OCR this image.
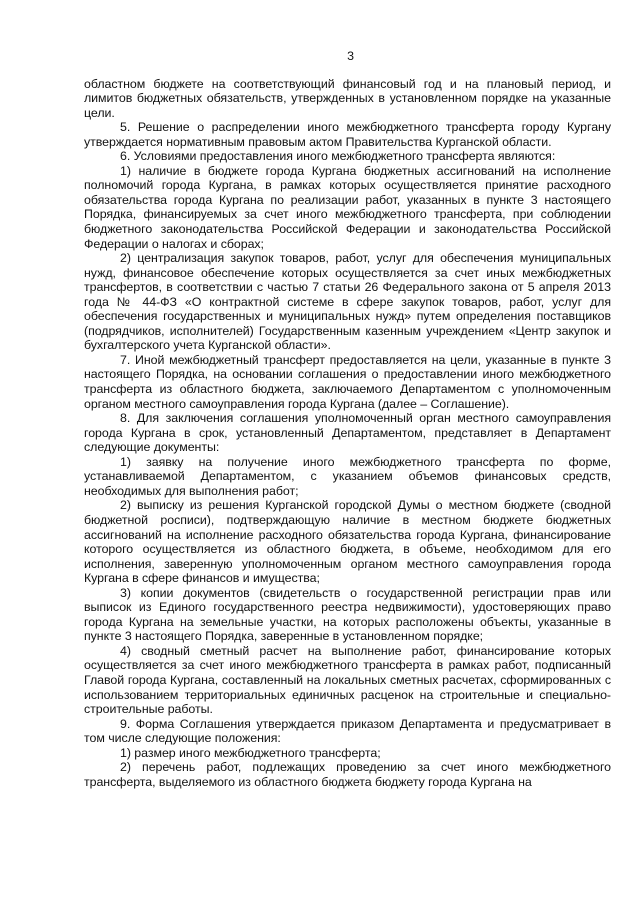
3

областном бюджете на соответствующий финансовый год и на плановый период, и лимитов бюджетных обязательств, утвержденных в установленном порядке на указанные цели.

5. Решение о распределении иного межбюджетного трансферта городу Кургану утверждается нормативным правовым актом Правительства Курганской области.

6. Условиями предоставления иного межбюджетного трансферта являются:

1) наличие в бюджете города Кургана бюджетных ассигнований на исполнение полномочий города Кургана, в рамках которых осуществляется принятие расходного обязательства города Кургана по реализации работ, указанных в пункте 3 настоящего Порядка, финансируемых за счет иного межбюджетного трансферта, при соблюдении бюджетного законодательства Российской Федерации и законодательства Российской Федерации о налогах и сборах;

2) централизация закупок товаров, работ, услуг для обеспечения муниципальных нужд, финансовое обеспечение которых осуществляется за счет иных межбюджетных трансфертов, в соответствии с частью 7 статьи 26 Федерального закона от 5 апреля 2013 года № 44-ФЗ «О контрактной системе в сфере закупок товаров, работ, услуг для обеспечения государственных и муниципальных нужд» путем определения поставщиков (подрядчиков, исполнителей) Государственным казенным учреждением «Центр закупок и бухгалтерского учета Курганской области».

7. Иной межбюджетный трансферт предоставляется на цели, указанные в пункте 3 настоящего Порядка, на основании соглашения о предоставлении иного межбюджетного трансферта из областного бюджета, заключаемого Департаментом с уполномоченным органом местного самоуправления города Кургана (далее – Соглашение).

8. Для заключения соглашения уполномоченный орган местного самоуправления города Кургана в срок, установленный Департаментом, представляет в Департамент следующие документы:

1) заявку на получение иного межбюджетного трансферта по форме, устанавливаемой Департаментом, с указанием объемов финансовых средств, необходимых для выполнения работ;

2) выписку из решения Курганской городской Думы о местном бюджете (сводной бюджетной росписи), подтверждающую наличие в местном бюджете бюджетных ассигнований на исполнение расходного обязательства города Кургана, финансирование которого осуществляется из областного бюджета, в объеме, необходимом для его исполнения, заверенную уполномоченным органом местного самоуправления города Кургана в сфере финансов и имущества;

3) копии документов (свидетельств о государственной регистрации прав или выписок из Единого государственного реестра недвижимости), удостоверяющих право города Кургана на земельные участки, на которых расположены объекты, указанные в пункте 3 настоящего Порядка, заверенные в установленном порядке;

4) сводный сметный расчет на выполнение работ, финансирование которых осуществляется за счет иного межбюджетного трансферта в рамках работ, подписанный Главой города Кургана, составленный на локальных сметных расчетах, сформированных с использованием территориальных единичных расценок на строительные и специально-строительные работы.

9. Форма Соглашения утверждается приказом Департамента и предусматривает в том числе следующие положения:

1) размер иного межбюджетного трансферта;

2) перечень работ, подлежащих проведению за счет иного межбюджетного трансферта, выделяемого из областного бюджета бюджету города Кургана на
